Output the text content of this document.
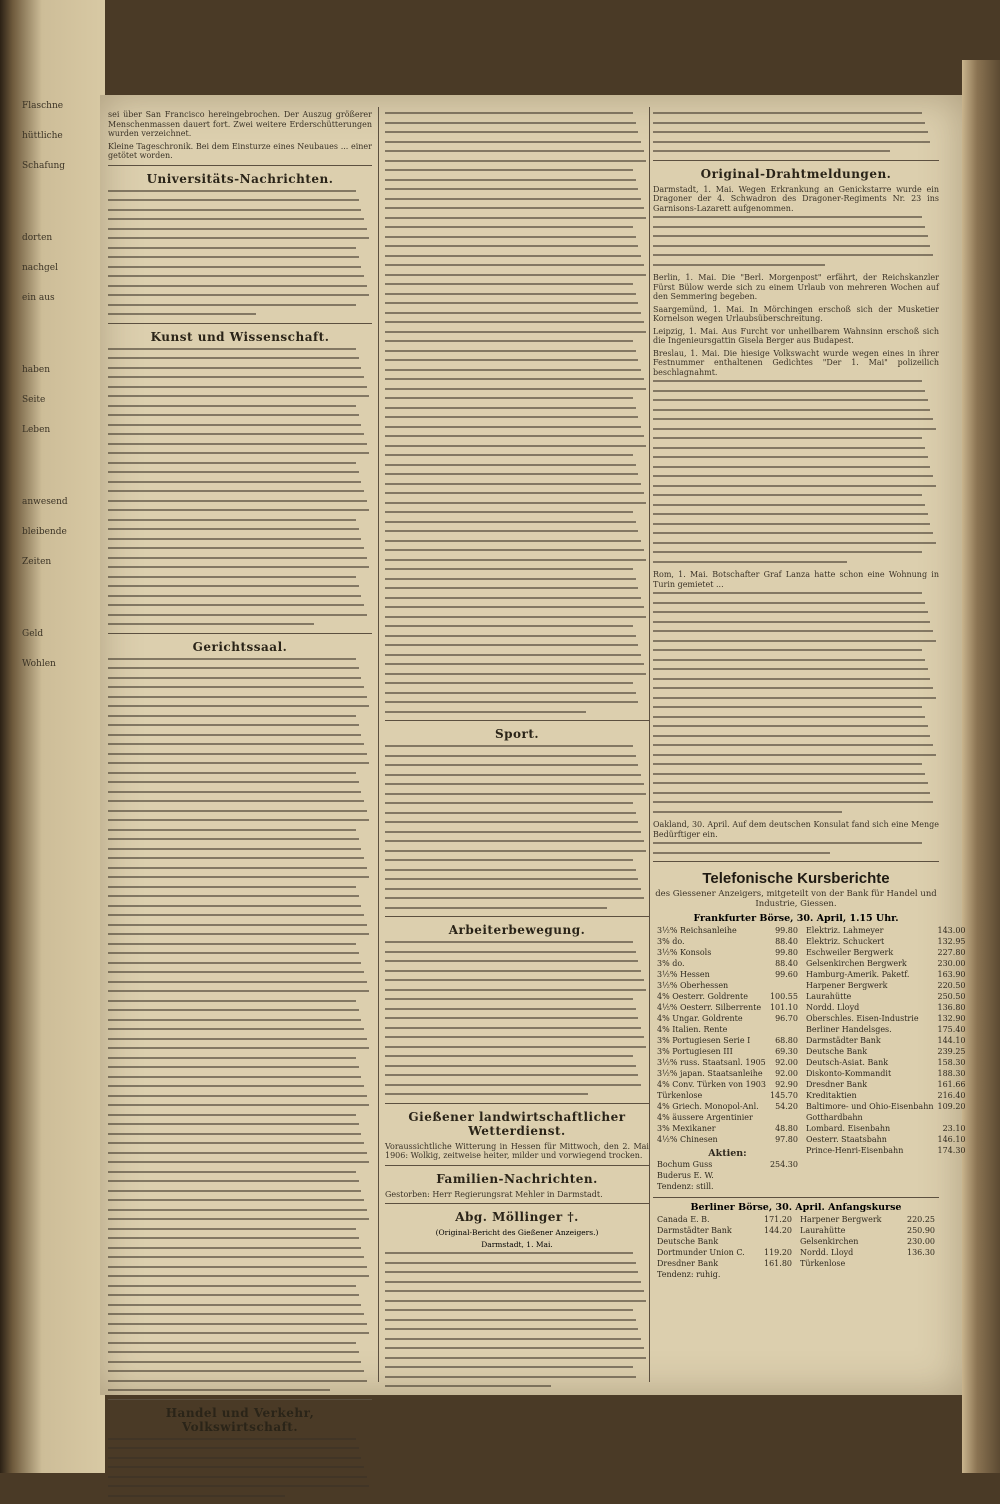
Flaschne
hüttliche
Schafung
dorten
nachgel
ein aus
haben
Seite
Leben
anwesend
bleibende
Zeiten
Geld
Wohlen

sei über San Francisco hereingebrochen. Der Auszug größerer Menschenmassen dauert fort. Zwei weitere Erderschütterungen wurden verzeichnet.

Kleine Tageschronik. Bei dem Einsturze eines Neubaues ... einer getötet worden.

Universitäts-Nachrichten.
Kunst und Wissenschaft.
Gerichtssaal.
Handel und Verkehr, Volkswirtschaft.
Sport.
Arbeiterbewegung.
Gießener landwirtschaftlicher Wetterdienst.

Voraussichtliche Witterung in Hessen für Mittwoch, den 2. Mai 1906: Wolkig, zeitweise heiter, milder und vorwiegend trocken.

Familien-Nachrichten.

Gestorben: Herr Regierungsrat Mehler in Darmstadt.

Abg. Möllinger †.
(Original-Bericht des Gießener Anzeigers.)
Darmstadt, 1. Mai.
Original-Drahtmeldungen.

Darmstadt, 1. Mai. Wegen Erkrankung an Genickstarre wurde ein Dragoner der 4. Schwadron des Dragoner-Regiments Nr. 23 ins Garnisons-Lazarett aufgenommen.

Berlin, 1. Mai. Die "Berl. Morgenpost" erfährt, der Reichskanzler Fürst Bülow werde sich zu einem Urlaub von mehreren Wochen auf den Semmering begeben.

Saargemünd, 1. Mai. In Mörchingen erschoß sich der Musketier Kornelson wegen Urlaubsüberschreitung.

Leipzig, 1. Mai. Aus Furcht vor unheilbarem Wahnsinn erschoß sich die Ingenieursgattin Gisela Berger aus Budapest.

Breslau, 1. Mai. Die hiesige Volkswacht wurde wegen eines in ihrer Festnummer enthaltenen Gedichtes "Der 1. Mai" polizeilich beschlagnahmt.

Rom, 1. Mai. Botschafter Graf Lanza hatte schon eine Wohnung in Turin gemietet ...

Oakland, 30. April. Auf dem deutschen Konsulat fand sich eine Menge Bedürftiger ein.

Telefonische Kursberichte
des Giessener Anzeigers, mitgeteilt von der Bank für Handel und Industrie, Giessen.
Frankfurter Börse, 30. April, 1.15 Uhr.
3½% Reichsanleihe	99.80
3% do.	88.40
3½% Konsols	99.80
3% do.	88.40
3½% Hessen	99.60
3½% Oberhessen	
4% Oesterr. Goldrente	100.55
4⅕% Oesterr. Silberrente	101.10
4% Ungar. Goldrente	96.70
4% Italien. Rente	
3% Portugiesen Serie I	68.80
3% Portugiesen III	69.30
3½% russ. Staatsanl. 1905	92.00
3½% japan. Staatsanleihe	92.00
4% Conv. Türken von 1903	92.90
Türkenlose	145.70
4% Griech. Monopol-Anl.	54.20
4% äussere Argentinier	
3% Mexikaner	48.80
4½% Chinesen	97.80
Aktien:
Bochum Guss	254.30
Buderus E. W.	
Tendenz: still.	

Elektriz. Lahmeyer	143.00
Elektriz. Schuckert	132.95
Eschweiler Bergwerk	227.80
Gelsenkirchen Bergwerk	230.00
Hamburg-Amerik. Paketf.	163.90
Harpener Bergwerk	220.50
Laurahütte	250.50
Nordd. Lloyd	136.80
Oberschles. Eisen-Industrie	132.90
Berliner Handelsges.	175.40
Darmstädter Bank	144.10
Deutsche Bank	239.25
Deutsch-Asiat. Bank	158.30
Diskonto-Kommandit	188.30
Dresdner Bank	161.66
Kreditaktien	216.40
Baltimore- und Ohio-Eisenbahn	109.20
Gotthardbahn	
Lombard. Eisenbahn	23.10
Oesterr. Staatsbahn	146.10
Prince-Henri-Eisenbahn	174.30
Berliner Börse, 30. April. Anfangskurse
Canada E. B.	171.20
Darmstädter Bank	144.20
Deutsche Bank	
Dortmunder Union C.	119.20
Dresdner Bank	161.80
Tendenz: ruhig.	

Harpener Bergwerk	220.25
Laurahütte	250.90
Gelsenkirchen	230.00
Nordd. Lloyd	136.30
Türkenlose	
